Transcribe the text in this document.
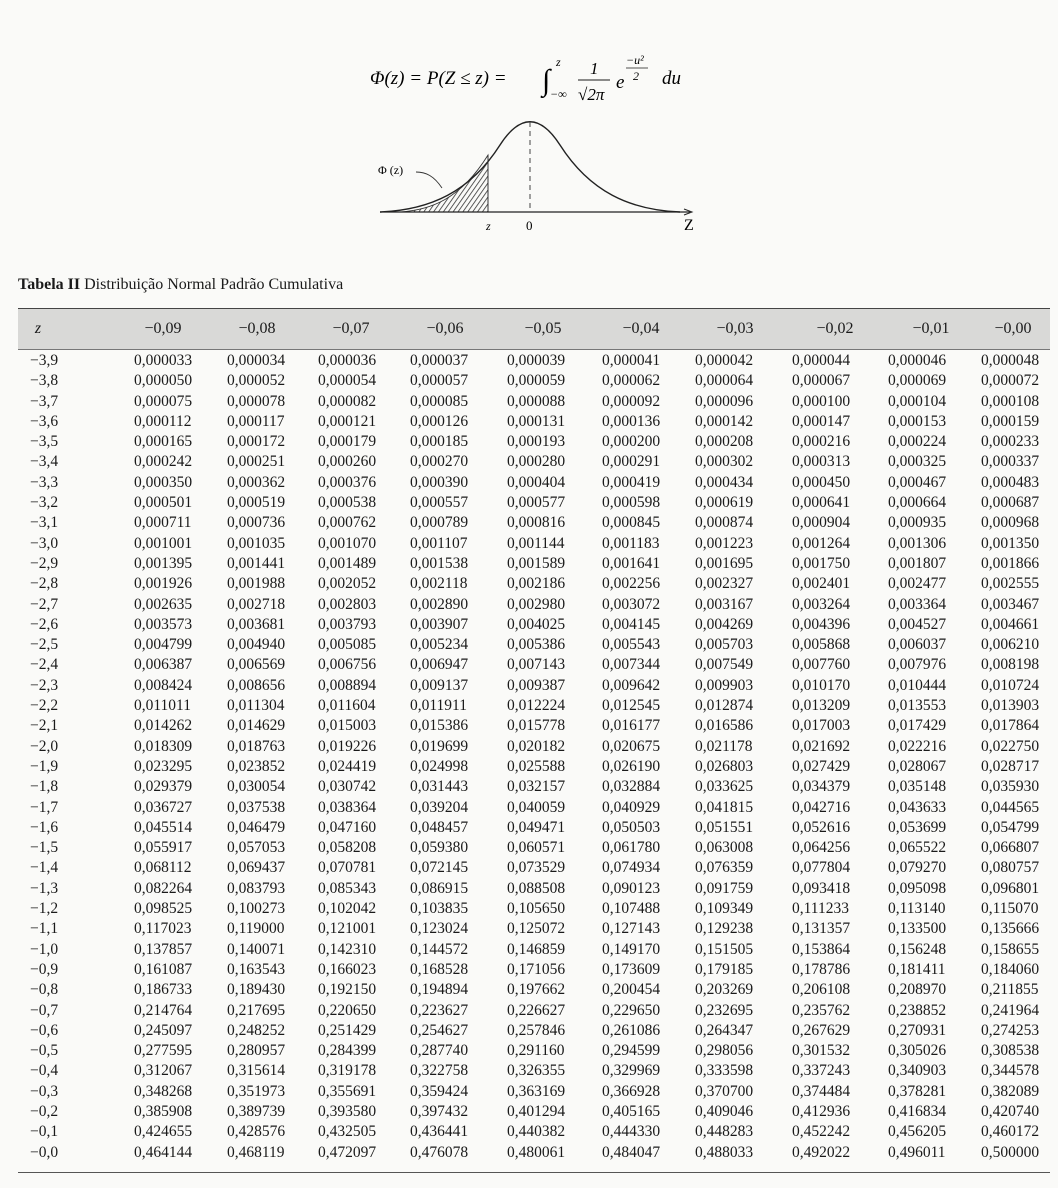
Φ(z) = P(Z ≤ z) = ∫
z
−∞
1
√2π
e
−u²
2 du
Φ (z)
z	0	Z
Tabela II Distribuição Normal Padrão Cumulativa
z	−0,09	−0,08	−0,07	−0,06	−0,05	−0,04	−0,03	−0,02	−0,01	−0,00
−3,9	0,000033 0,000034 0,000036 0,000037	0,000039 0,000041 0,000042	0,000044 0,000046 0,000048
−3,8	0,000050 0,000052 0,000054 0,000057	0,000059 0,000062 0,000064	0,000067 0,000069 0,000072
−3,7	0,000075 0,000078 0,000082 0,000085	0,000088 0,000092 0,000096	0,000100 0,000104 0,000108
−3,6	0,000112 0,000117 0,000121 0,000126	0,000131 0,000136 0,000142	0,000147 0,000153 0,000159
−3,5	0,000165 0,000172 0,000179 0,000185	0,000193 0,000200 0,000208	0,000216 0,000224 0,000233
−3,4	0,000242 0,000251 0,000260 0,000270	0,000280 0,000291 0,000302	0,000313 0,000325 0,000337
−3,3	0,000350 0,000362 0,000376 0,000390	0,000404 0,000419 0,000434	0,000450 0,000467 0,000483
−3,2	0,000501 0,000519 0,000538 0,000557	0,000577 0,000598 0,000619	0,000641 0,000664 0,000687
−3,1	0,000711 0,000736 0,000762 0,000789	0,000816 0,000845 0,000874	0,000904 0,000935 0,000968
−3,0	0,001001 0,001035 0,001070 0,001107	0,001144 0,001183 0,001223	0,001264 0,001306 0,001350
−2,9	0,001395 0,001441 0,001489 0,001538	0,001589 0,001641 0,001695	0,001750 0,001807 0,001866
−2,8	0,001926 0,001988 0,002052 0,002118	0,002186 0,002256 0,002327	0,002401 0,002477 0,002555
−2,7	0,002635 0,002718 0,002803 0,002890	0,002980 0,003072 0,003167	0,003264 0,003364 0,003467
−2,6	0,003573 0,003681 0,003793 0,003907	0,004025 0,004145 0,004269	0,004396 0,004527 0,004661
−2,5	0,004799 0,004940 0,005085 0,005234	0,005386 0,005543 0,005703	0,005868 0,006037 0,006210
−2,4	0,006387 0,006569 0,006756 0,006947	0,007143 0,007344 0,007549	0,007760 0,007976 0,008198
−2,3	0,008424 0,008656 0,008894 0,009137	0,009387 0,009642 0,009903	0,010170 0,010444 0,010724
−2,2	0,011011 0,011304 0,011604 0,011911	0,012224 0,012545 0,012874	0,013209 0,013553 0,013903
−2,1	0,014262 0,014629 0,015003 0,015386	0,015778 0,016177 0,016586	0,017003 0,017429 0,017864
−2,0	0,018309 0,018763 0,019226 0,019699	0,020182 0,020675 0,021178	0,021692 0,022216 0,022750
−1,9	0,023295 0,023852 0,024419 0,024998	0,025588 0,026190 0,026803	0,027429 0,028067 0,028717
−1,8	0,029379 0,030054 0,030742 0,031443	0,032157 0,032884 0,033625	0,034379 0,035148 0,035930
−1,7	0,036727 0,037538 0,038364 0,039204	0,040059 0,040929 0,041815	0,042716 0,043633 0,044565
−1,6	0,045514 0,046479 0,047160 0,048457	0,049471 0,050503 0,051551	0,052616 0,053699 0,054799
−1,5	0,055917 0,057053 0,058208 0,059380	0,060571 0,061780 0,063008	0,064256 0,065522 0,066807
−1,4	0,068112 0,069437 0,070781 0,072145	0,073529 0,074934 0,076359	0,077804 0,079270 0,080757
−1,3	0,082264 0,083793 0,085343 0,086915	0,088508 0,090123 0,091759	0,093418 0,095098 0,096801
−1,2	0,098525 0,100273 0,102042 0,103835	0,105650 0,107488 0,109349	0,111233	0,113140 0,115070
−1,1	0,117023 0,119000 0,121001 0,123024	0,125072 0,127143 0,129238	0,131357 0,133500 0,135666
−1,0	0,137857 0,140071 0,142310 0,144572	0,146859 0,149170 0,151505	0,153864 0,156248 0,158655
−0,9	0,161087 0,163543 0,166023 0,168528	0,171056 0,173609 0,179185	0,178786 0,181411 0,184060
−0,8	0,186733 0,189430 0,192150 0,194894	0,197662 0,200454 0,203269	0,206108 0,208970 0,211855
−0,7	0,214764 0,217695 0,220650 0,223627	0,226627 0,229650 0,232695	0,235762 0,238852 0,241964
−0,6	0,245097 0,248252 0,251429 0,254627	0,257846 0,261086 0,264347	0,267629 0,270931 0,274253
−0,5	0,277595 0,280957 0,284399 0,287740	0,291160 0,294599 0,298056	0,301532 0,305026 0,308538
−0,4	0,312067 0,315614 0,319178 0,322758	0,326355 0,329969 0,333598	0,337243 0,340903 0,344578
−0,3	0,348268 0,351973 0,355691 0,359424	0,363169 0,366928 0,370700	0,374484 0,378281 0,382089
−0,2	0,385908 0,389739 0,393580 0,397432	0,401294 0,405165 0,409046	0,412936 0,416834 0,420740
−0,1	0,424655 0,428576 0,432505 0,436441	0,440382 0,444330 0,448283	0,452242 0,456205 0,460172
−0,0	0,464144 0,468119 0,472097 0,476078	0,480061 0,484047 0,488033	0,492022 0,496011 0,500000
